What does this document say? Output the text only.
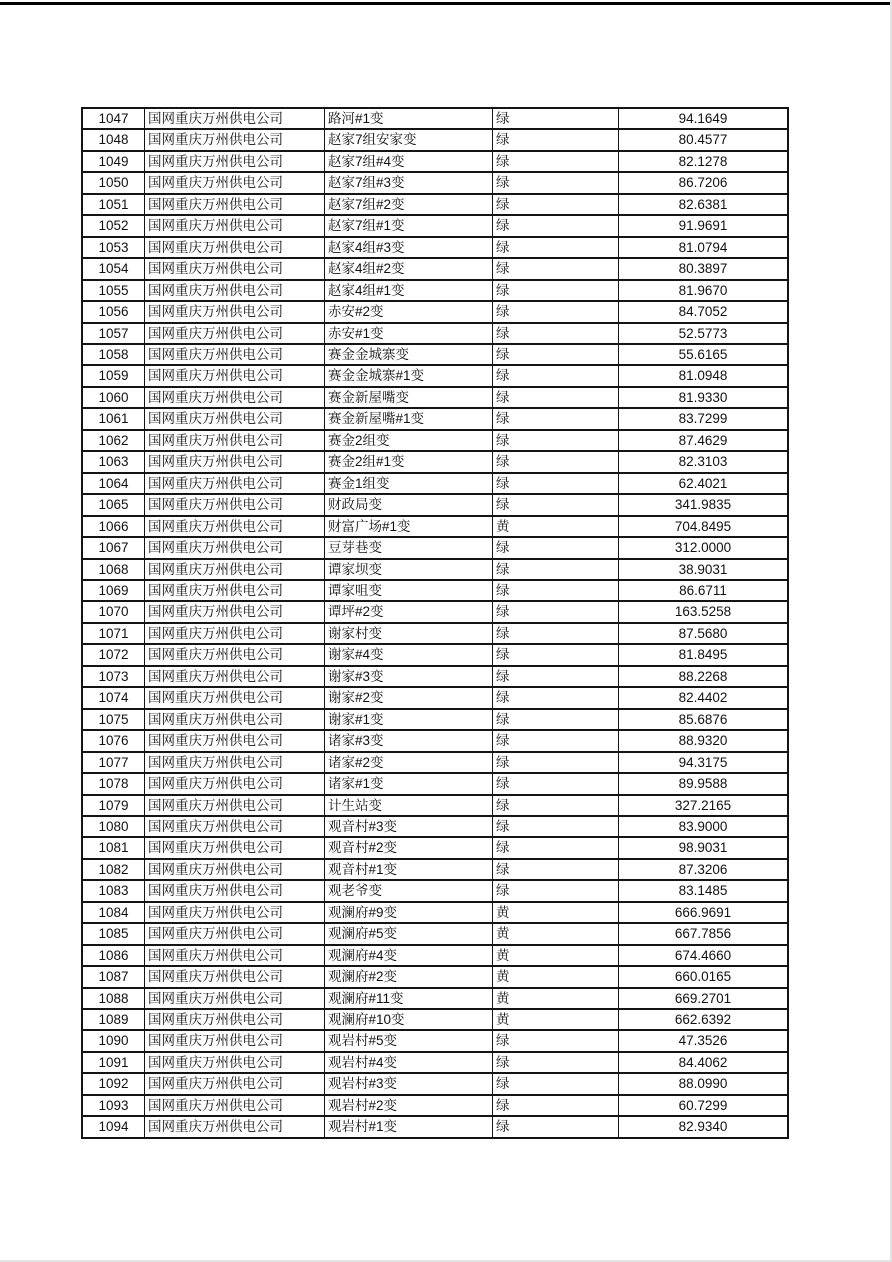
1047	国网重庆万州供电公司	路河#1变	绿	94.1649
1048	国网重庆万州供电公司	赵家7组安家变	绿	80.4577
1049	国网重庆万州供电公司	赵家7组#4变	绿	82.1278
1050	国网重庆万州供电公司	赵家7组#3变	绿	86.7206
1051	国网重庆万州供电公司	赵家7组#2变	绿	82.6381
1052	国网重庆万州供电公司	赵家7组#1变	绿	91.9691
1053	国网重庆万州供电公司	赵家4组#3变	绿	81.0794
1054	国网重庆万州供电公司	赵家4组#2变	绿	80.3897
1055	国网重庆万州供电公司	赵家4组#1变	绿	81.9670
1056	国网重庆万州供电公司	赤安#2变	绿	84.7052
1057	国网重庆万州供电公司	赤安#1变	绿	52.5773
1058	国网重庆万州供电公司	赛金金城寨变	绿	55.6165
1059	国网重庆万州供电公司	赛金金城寨#1变	绿	81.0948
1060	国网重庆万州供电公司	赛金新屋嘴变	绿	81.9330
1061	国网重庆万州供电公司	赛金新屋嘴#1变	绿	83.7299
1062	国网重庆万州供电公司	赛金2组变	绿	87.4629
1063	国网重庆万州供电公司	赛金2组#1变	绿	82.3103
1064	国网重庆万州供电公司	赛金1组变	绿	62.4021
1065	国网重庆万州供电公司	财政局变	绿	341.9835
1066	国网重庆万州供电公司	财富广场#1变	黄	704.8495
1067	国网重庆万州供电公司	豆芽巷变	绿	312.0000
1068	国网重庆万州供电公司	谭家坝变	绿	38.9031
1069	国网重庆万州供电公司	谭家咀变	绿	86.6711
1070	国网重庆万州供电公司	谭坪#2变	绿	163.5258
1071	国网重庆万州供电公司	谢家村变	绿	87.5680
1072	国网重庆万州供电公司	谢家#4变	绿	81.8495
1073	国网重庆万州供电公司	谢家#3变	绿	88.2268
1074	国网重庆万州供电公司	谢家#2变	绿	82.4402
1075	国网重庆万州供电公司	谢家#1变	绿	85.6876
1076	国网重庆万州供电公司	诸家#3变	绿	88.9320
1077	国网重庆万州供电公司	诸家#2变	绿	94.3175
1078	国网重庆万州供电公司	诸家#1变	绿	89.9588
1079	国网重庆万州供电公司	计生站变	绿	327.2165
1080	国网重庆万州供电公司	观音村#3变	绿	83.9000
1081	国网重庆万州供电公司	观音村#2变	绿	98.9031
1082	国网重庆万州供电公司	观音村#1变	绿	87.3206
1083	国网重庆万州供电公司	观老爷变	绿	83.1485
1084	国网重庆万州供电公司	观澜府#9变	黄	666.9691
1085	国网重庆万州供电公司	观澜府#5变	黄	667.7856
1086	国网重庆万州供电公司	观澜府#4变	黄	674.4660
1087	国网重庆万州供电公司	观澜府#2变	黄	660.0165
1088	国网重庆万州供电公司	观澜府#11变	黄	669.2701
1089	国网重庆万州供电公司	观澜府#10变	黄	662.6392
1090	国网重庆万州供电公司	观岩村#5变	绿	47.3526
1091	国网重庆万州供电公司	观岩村#4变	绿	84.4062
1092	国网重庆万州供电公司	观岩村#3变	绿	88.0990
1093	国网重庆万州供电公司	观岩村#2变	绿	60.7299
1094	国网重庆万州供电公司	观岩村#1变	绿	82.9340
